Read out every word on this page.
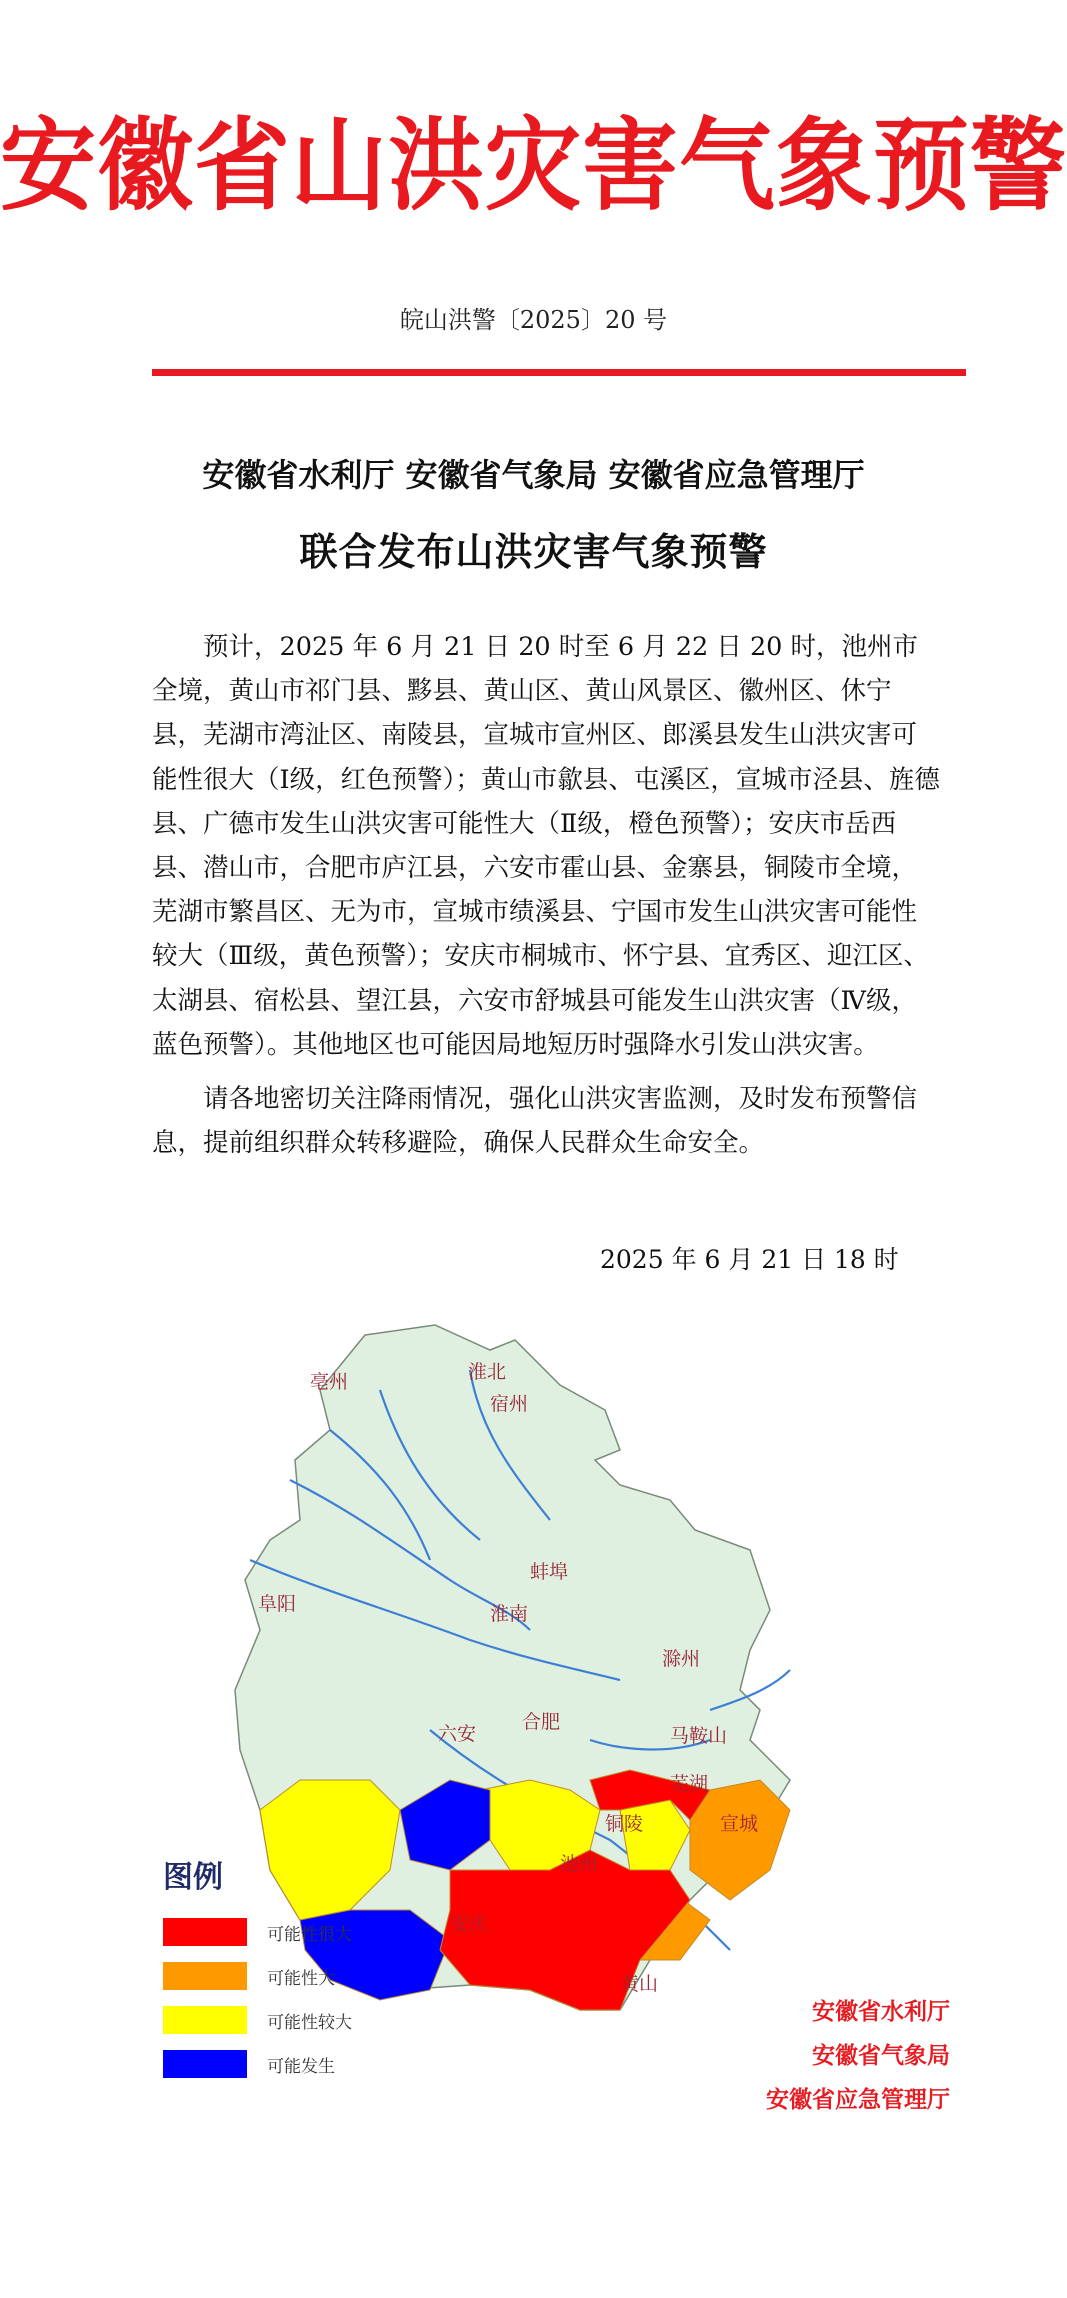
安徽省山洪灾害气象预警
皖山洪警〔2025〕20 号
安徽省水利厅 安徽省气象局 安徽省应急管理厅
联合发布山洪灾害气象预警

预计，2025 年 6 月 21 日 20 时至 6 月 22 日 20 时，池州市全境，黄山市祁门县、黟县、黄山区、黄山风景区、徽州区、休宁县，芜湖市湾沚区、南陵县，宣城市宣州区、郎溪县发生山洪灾害可能性很大（Ⅰ级，红色预警）；黄山市歙县、屯溪区，宣城市泾县、旌德县、广德市发生山洪灾害可能性大（Ⅱ级，橙色预警）；安庆市岳西县、潜山市，合肥市庐江县，六安市霍山县、金寨县，铜陵市全境，芜湖市繁昌区、无为市，宣城市绩溪县、宁国市发生山洪灾害可能性较大（Ⅲ级，黄色预警）；安庆市桐城市、怀宁县、宜秀区、迎江区、太湖县、宿松县、望江县，六安市舒城县可能发生山洪灾害（Ⅳ级，蓝色预警）。其他地区也可能因局地短历时强降水引发山洪灾害。

请各地密切关注降雨情况，强化山洪灾害监测，及时发布预警信息，提前组织群众转移避险，确保人民群众生命安全。

2025 年 6 月 21 日 18 时
亳州	淮北
宿州
阜阳
蚌埠
淮南
滁州
六安
合肥
马鞍山
芜湖
宣城
铜陵
池州
安庆
黄山
图例
可能性很大
可能性大
可能性较大
可能发生
安徽省水利厅
安徽省气象局
安徽省应急管理厅
